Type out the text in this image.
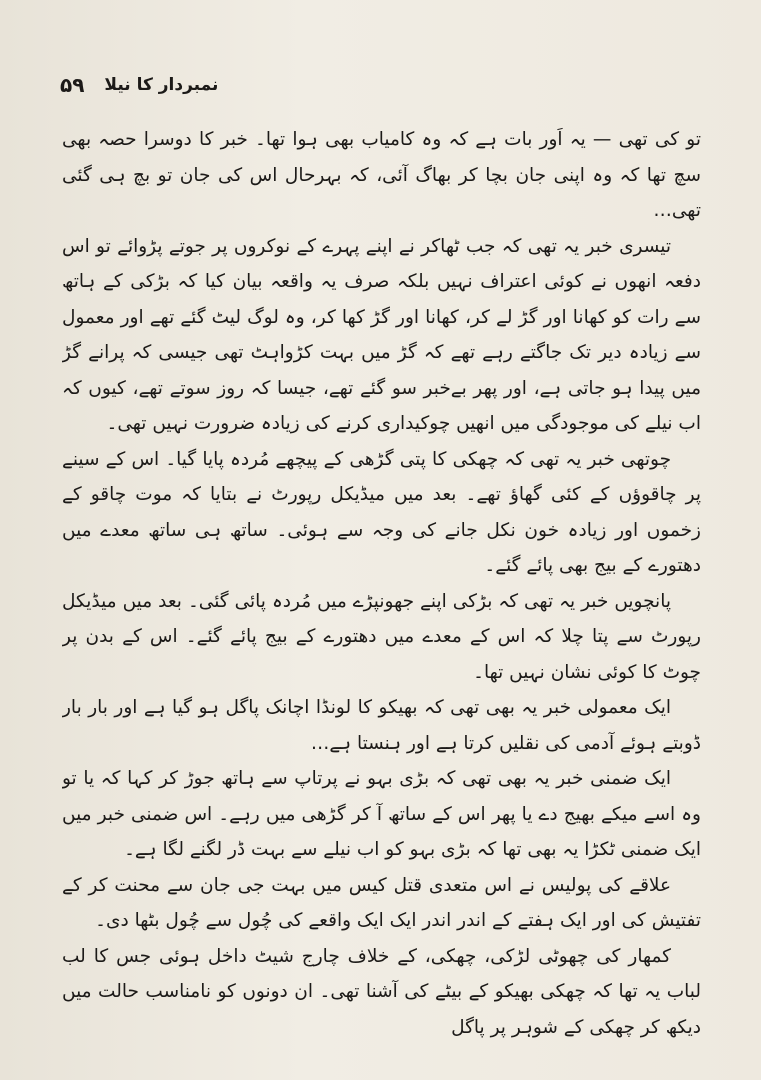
۵۹ نمبردار کا نیلا

تو کی تھی — یہ اَور بات ہے کہ وہ کامیاب بھی ہوا تھا۔ خبر کا دوسرا حصہ بھی سچ تھا کہ وہ اپنی جان بچا کر بھاگ آئی، کہ بہرحال اس کی جان تو بچ ہی گئی تھی…

تیسری خبر یہ تھی کہ جب ٹھاکر نے اپنے پہرے کے نوکروں پر جوتے پڑوائے تو اس دفعہ انھوں نے کوئی اعتراف نہیں بلکہ صرف یہ واقعہ بیان کیا کہ بڑکی کے ہاتھ سے رات کو کھانا اور گڑ لے کر، کھانا اور گڑ کھا کر، وہ لوگ لیٹ گئے تھے اور معمول سے زیادہ دیر تک جاگتے رہے تھے کہ گڑ میں بہت کڑواہٹ تھی جیسی کہ پرانے گڑ میں پیدا ہو جاتی ہے، اور پھر بےخبر سو گئے تھے، جیسا کہ روز سوتے تھے، کیوں کہ اب نیلے کی موجودگی میں انھیں چوکیداری کرنے کی زیادہ ضرورت نہیں تھی۔

چوتھی خبر یہ تھی کہ چھکی کا پتی گڑھی کے پیچھے مُردہ پایا گیا۔ اس کے سینے پر چاقوؤں کے کئی گھاؤ تھے۔ بعد میں میڈیکل رپورٹ نے بتایا کہ موت چاقو کے زخموں اور زیادہ خون نکل جانے کی وجہ سے ہوئی۔ ساتھ ہی ساتھ معدے میں دھتورے کے بیج بھی پائے گئے۔

پانچویں خبر یہ تھی کہ بڑکی اپنے جھونپڑے میں مُردہ پائی گئی۔ بعد میں میڈیکل رپورٹ سے پتا چلا کہ اس کے معدے میں دھتورے کے بیج پائے گئے۔ اس کے بدن پر چوٹ کا کوئی نشان نہیں تھا۔

ایک معمولی خبر یہ بھی تھی کہ بھیکو کا لونڈا اچانک پاگل ہو گیا ہے اور بار بار ڈوبتے ہوئے آدمی کی نقلیں کرتا ہے اور ہنستا ہے…

ایک ضمنی خبر یہ بھی تھی کہ بڑی بہو نے پرتاپ سے ہاتھ جوڑ کر کہا کہ یا تو وہ اسے میکے بھیج دے یا پھر اس کے ساتھ آ کر گڑھی میں رہے۔ اس ضمنی خبر میں ایک ضمنی ٹکڑا یہ بھی تھا کہ بڑی بہو کو اب نیلے سے بہت ڈر لگنے لگا ہے۔

علاقے کی پولیس نے اس متعدی قتل کیس میں بہت جی جان سے محنت کر کے تفتیش کی اور ایک ہفتے کے اندر اندر ایک ایک واقعے کی چُول سے چُول بٹھا دی۔

کمھار کی چھوٹی لڑکی، چھکی، کے خلاف چارج شیٹ داخل ہوئی جس کا لب لباب یہ تھا کہ چھکی بھیکو کے بیٹے کی آشنا تھی۔ ان دونوں کو نامناسب حالت میں دیکھ کر چھکی کے شوہر پر پاگل
